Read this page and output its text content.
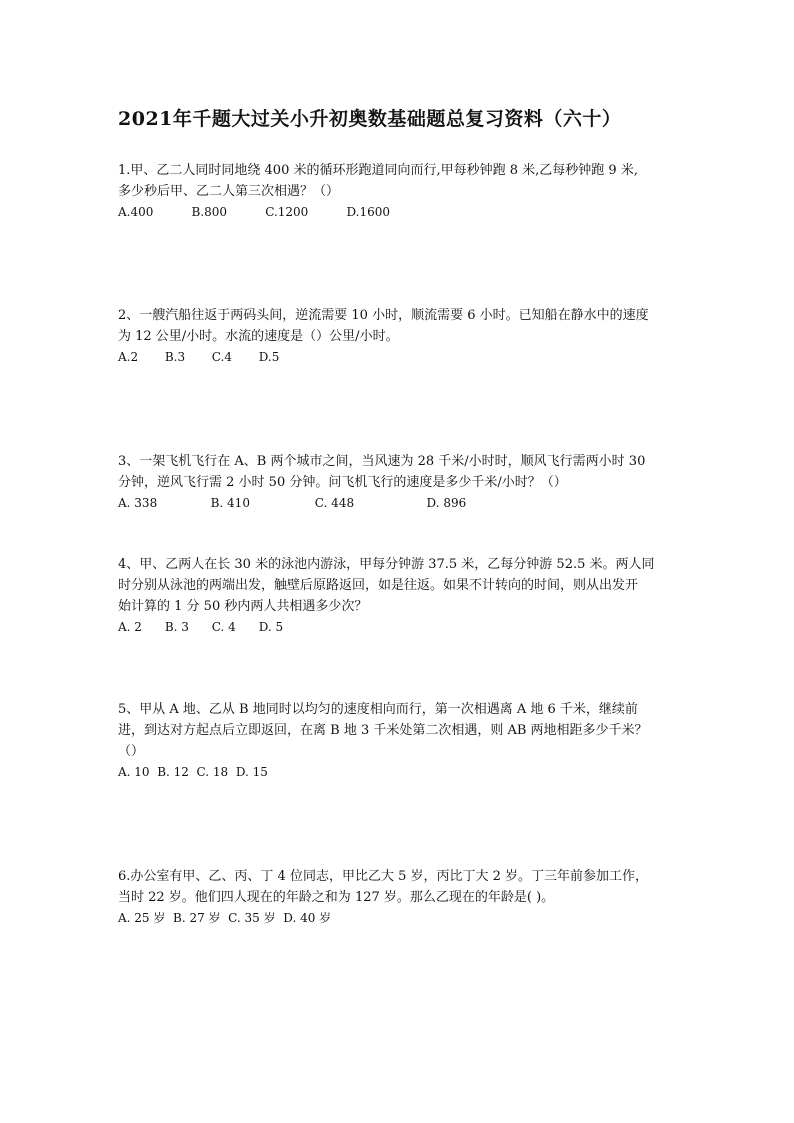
2021年千题大过关小升初奥数基础题总复习资料（六十）
1.甲、乙二人同时同地绕 400 米的循环形跑道同向而行,甲每秒钟跑 8 米,乙每秒钟跑 9 米,
多少秒后甲、乙二人第三次相遇？（）
A.400          B.800          C.1200          D.1600
2、一艘汽船往返于两码头间，逆流需要 10 小时，顺流需要 6 小时。已知船在静水中的速度
为 12 公里/小时。水流的速度是（）公里/小时。
A.2       B.3       C.4       D.5
3、一架飞机飞行在 A、B 两个城市之间，当风速为 28 千米/小时时，顺风飞行需两小时 30
分钟，逆风飞行需 2 小时 50 分钟。问飞机飞行的速度是多少千米/小时？（）
A. 338              B. 410                 C. 448                   D. 896
4、甲、乙两人在长 30 米的泳池内游泳，甲每分钟游 37.5 米，乙每分钟游 52.5 米。两人同
时分别从泳池的两端出发，触壁后原路返回，如是往返。如果不计转向的时间，则从出发开
始计算的 1 分 50 秒内两人共相遇多少次？
A. 2      B. 3      C. 4      D. 5
5、甲从 A 地、乙从 B 地同时以均匀的速度相向而行，第一次相遇离 A 地 6 千米，继续前
进，到达对方起点后立即返回，在离 B 地 3 千米处第二次相遇，则 AB 两地相距多少千米？
（）
A. 10  B. 12  C. 18  D. 15
6.办公室有甲、乙、丙、丁 4 位同志，甲比乙大 5 岁，丙比丁大 2 岁。丁三年前参加工作，
当时 22 岁。他们四人现在的年龄之和为 127 岁。那么乙现在的年龄是( )。
A. 25 岁  B. 27 岁  C. 35 岁  D. 40 岁
